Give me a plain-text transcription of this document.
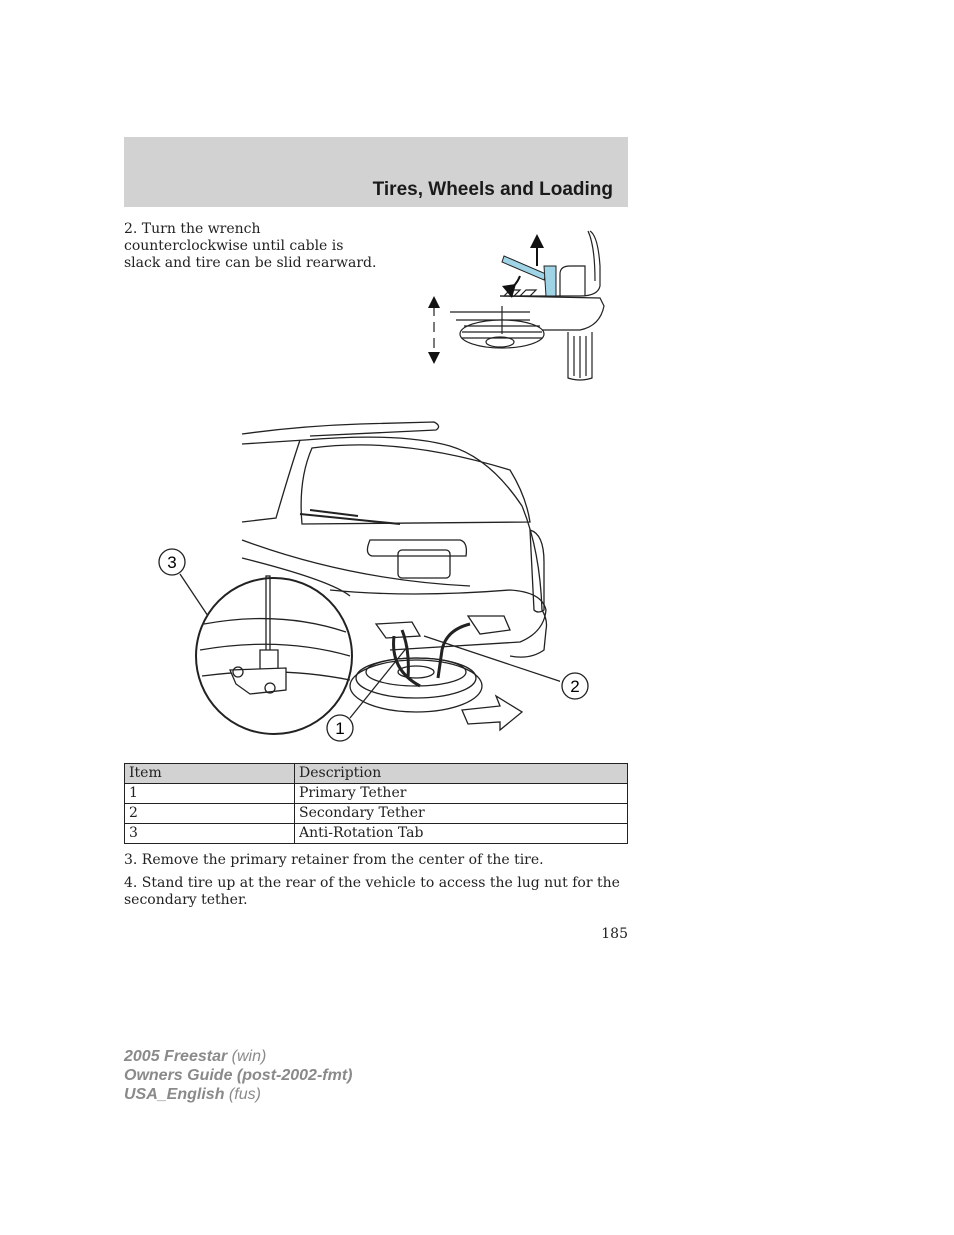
Tires, Wheels and Loading

2. Turn the wrench counterclockwise until cable is slack and tire can be slid rearward.

3
2
1
Item	Description
1	Primary Tether
2	Secondary Tether
3	Anti-Rotation Tab

3. Remove the primary retainer from the center of the tire.

4. Stand tire up at the rear of the vehicle to access the lug nut for the secondary tether.

185
2005 Freestar (win)
Owners Guide (post-2002-fmt)
USA_English (fus)
